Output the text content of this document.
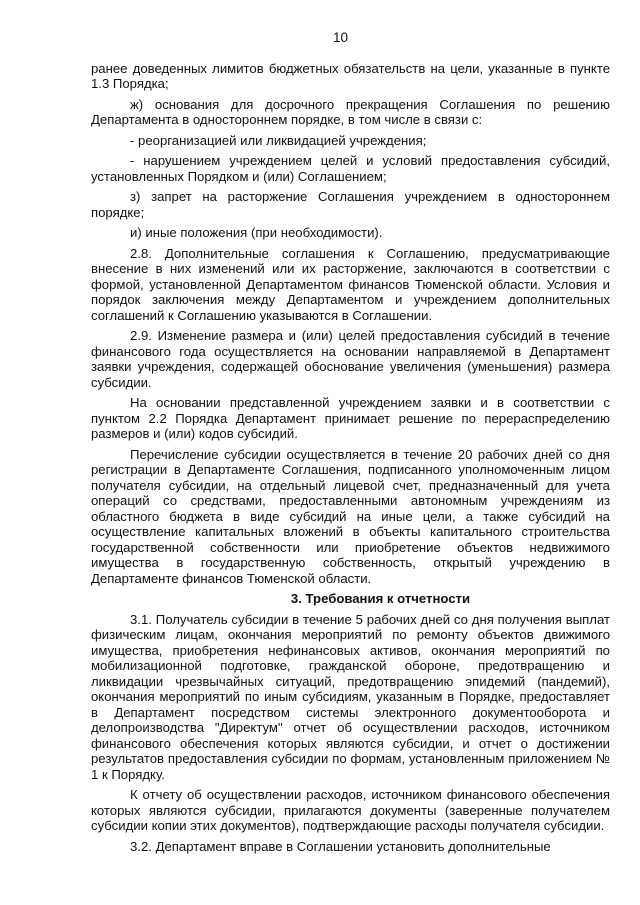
10

ранее доведенных лимитов бюджетных обязательств на цели, указанные в пункте 1.3 Порядка;

ж) основания для досрочного прекращения Соглашения по решению Департамента в одностороннем порядке, в том числе в связи с:

- реорганизацией или ликвидацией учреждения;

- нарушением учреждением целей и условий предоставления субсидий, установленных Порядком и (или) Соглашением;

з) запрет на расторжение Соглашения учреждением в одностороннем порядке;

и) иные положения (при необходимости).

2.8. Дополнительные соглашения к Соглашению, предусматривающие внесение в них изменений или их расторжение, заключаются в соответствии с формой, установленной Департаментом финансов Тюменской области. Условия и порядок заключения между Департаментом и учреждением дополнительных соглашений к Соглашению указываются в Соглашении.

2.9. Изменение размера и (или) целей предоставления субсидий в течение финансового года осуществляется на основании направляемой в Департамент заявки учреждения, содержащей обоснование увеличения (уменьшения) размера субсидии.

На основании представленной учреждением заявки и в соответствии с пунктом 2.2 Порядка Департамент принимает решение по перераспределению размеров и (или) кодов субсидий.

Перечисление субсидии осуществляется в течение 20 рабочих дней со дня регистрации в Департаменте Соглашения, подписанного уполномоченным лицом получателя субсидии, на отдельный лицевой счет, предназначенный для учета операций со средствами, предоставленными автономным учреждениям из областного бюджета в виде субсидий на иные цели, а также субсидий на осуществление капитальных вложений в объекты капитального строительства государственной собственности или приобретение объектов недвижимого имущества в государственную собственность, открытый учреждению в Департаменте финансов Тюменской области.

3. Требования к отчетности

3.1. Получатель субсидии в течение 5 рабочих дней со дня получения выплат физическим лицам, окончания мероприятий по ремонту объектов движимого имущества, приобретения нефинансовых активов, окончания мероприятий по мобилизационной подготовке, гражданской обороне, предотвращению и ликвидации чрезвычайных ситуаций, предотвращению эпидемий (пандемий), окончания мероприятий по иным субсидиям, указанным в Порядке, предоставляет в Департамент посредством системы электронного документооборота и делопроизводства "Директум" отчет об осуществлении расходов, источником финансового обеспечения которых являются субсидии, и отчет о достижении результатов предоставления субсидии по формам, установленным приложением № 1 к Порядку.

К отчету об осуществлении расходов, источником финансового обеспечения которых являются субсидии, прилагаются документы (заверенные получателем субсидии копии этих документов), подтверждающие расходы получателя субсидии.

3.2. Департамент вправе в Соглашении установить дополнительные
